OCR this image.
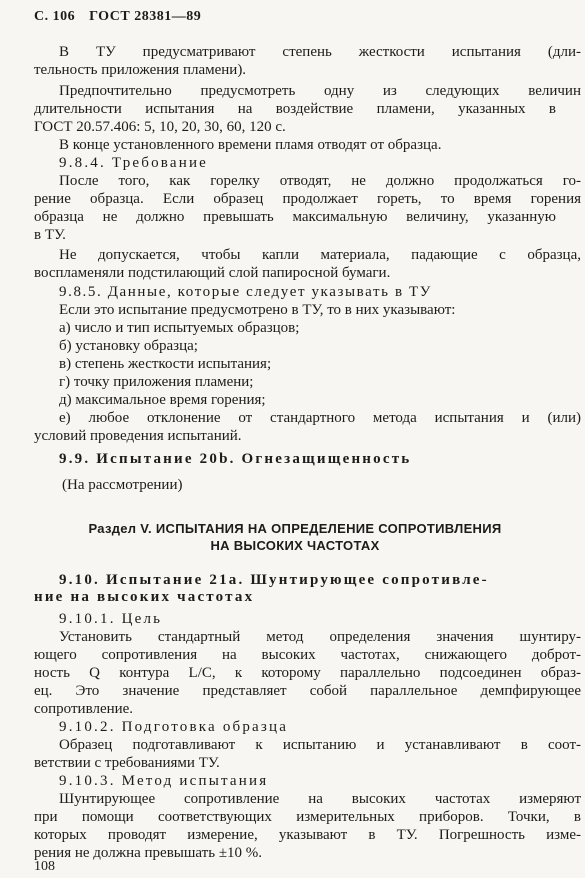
С. 106 ГОСТ 28381—89
В ТУ предусматривают степень жесткости испытания (дли-
тельность приложения пламени).
Предпочтительно предусмотреть одну из следующих величин
длительности испытания на воздействие пламени, указанных в
ГОСТ 20.57.406: 5, 10, 20, 30, 60, 120 с.
В конце установленного времени пламя отводят от образца.
9.8.4. Требование
После того, как горелку отводят, не должно продолжаться го-
рение образца. Если образец продолжает гореть, то время горения
образца не должно превышать максимальную величину, указанную
в ТУ.
Не допускается, чтобы капли материала, падающие с образца,
воспламеняли подстилающий слой папиросной бумаги.
9.8.5. Данные, которые следует указывать в ТУ
Если это испытание предусмотрено в ТУ, то в них указывают:
а) число и тип испытуемых образцов;
б) установку образца;
в) степень жесткости испытания;
г) точку приложения пламени;
д) максимальное время горения;
е) любое отклонение от стандартного метода испытания и (или)
условий проведения испытаний.
9.9. Испытание 20b. Огнезащищенность
(На рассмотрении)
Раздел V. ИСПЫТАНИЯ НА ОПРЕДЕЛЕНИЕ СОПРОТИВЛЕНИЯ
НА ВЫСОКИХ ЧАСТОТАХ
9.10. Испытание 21a. Шунтирующее сопротивле-
ние на высоких частотах
9.10.1. Цель
Установить стандартный метод определения значения шунтиру-
ющего сопротивления на высоких частотах, снижающего доброт-
ность Q контура L/C, к которому параллельно подсоединен образ-
ец. Это значение представляет собой параллельное демпфирующее
сопротивление.
9.10.2. Подготовка образца
Образец подготавливают к испытанию и устанавливают в соот-
ветствии с требованиями ТУ.
9.10.3. Метод испытания
Шунтирующее сопротивление на высоких частотах измеряют
при помощи соответствующих измерительных приборов. Точки, в
которых проводят измерение, указывают в ТУ. Погрешность изме-
рения не должна превышать ±10 %.
108
